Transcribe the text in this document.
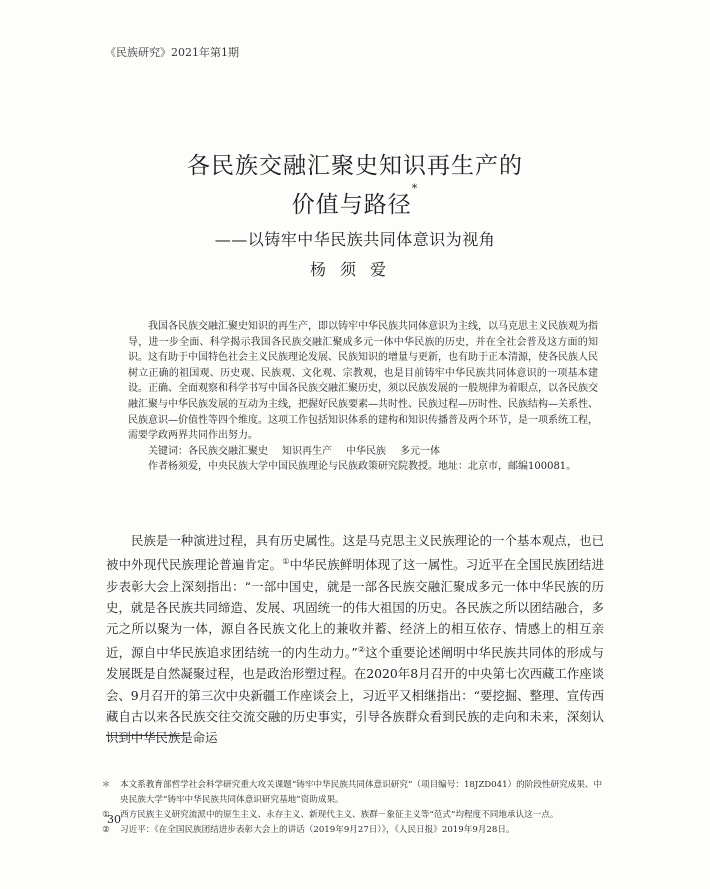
《民族研究》2021年第1期
各民族交融汇聚史知识再生产的
价值与路径*
——以铸牢中华民族共同体意识为视角
杨须爱

我国各民族交融汇聚史知识的再生产，即以铸牢中华民族共同体意识为主线，以马克思主义民族观为指导，进一步全面、科学揭示我国各民族交融汇聚成多元一体中华民族的历史，并在全社会普及这方面的知识。这有助于中国特色社会主义民族理论发展、民族知识的增量与更新，也有助于正本清源，使各民族人民树立正确的祖国观、历史观、民族观、文化观、宗教观，也是目前铸牢中华民族共同体意识的一项基本建设。正确、全面观察和科学书写中国各民族交融汇聚历史，须以民族发展的一般规律为着眼点，以各民族交融汇聚与中华民族发展的互动为主线，把握好民族要素—共时性、民族过程—历时性、民族结构—关系性、民族意识—价值性等四个维度。这项工作包括知识体系的建构和知识传播普及两个环节，是一项系统工程，需要学政两界共同作出努力。

关键词：各民族交融汇聚史 知识再生产 中华民族 多元一体

作者杨须爱，中央民族大学中国民族理论与民族政策研究院教授。地址：北京市，邮编100081。

民族是一种演进过程，具有历史属性。这是马克思主义民族理论的一个基本观点，也已被中外现代民族理论普遍肯定。①中华民族鲜明体现了这一属性。习近平在全国民族团结进步表彰大会上深刻指出：“一部中国史，就是一部各民族交融汇聚成多元一体中华民族的历史，就是各民族共同缔造、发展、巩固统一的伟大祖国的历史。各民族之所以团结融合，多元之所以聚为一体，源自各民族文化上的兼收并蓄、经济上的相互依存、情感上的相互亲近，源自中华民族追求团结统一的内生动力。”②这个重要论述阐明中华民族共同体的形成与发展既是自然凝聚过程，也是政治形塑过程。在2020年8月召开的中央第七次西藏工作座谈会、9月召开的第三次中央新疆工作座谈会上，习近平又相继指出：“要挖掘、整理、宣传西藏自古以来各民族交往交流交融的历史事实，引导各族群众看到民族的走向和未来，深刻认识到中华民族是命运

＊ 本文系教育部哲学社会科学研究重大攻关课题“铸牢中华民族共同体意识研究”（项目编号：18JZD041）的阶段性研究成果、中央民族大学“铸牢中华民族共同体意识研究基地”资助成果。

① 西方民族主义研究流派中的原生主义、永存主义、新现代主义、族群－象征主义等“范式”均程度不同地承认这一点。

② 习近平：《在全国民族团结进步表彰大会上的讲话（2019年9月27日）》，《人民日报》2019年9月28日。

30
